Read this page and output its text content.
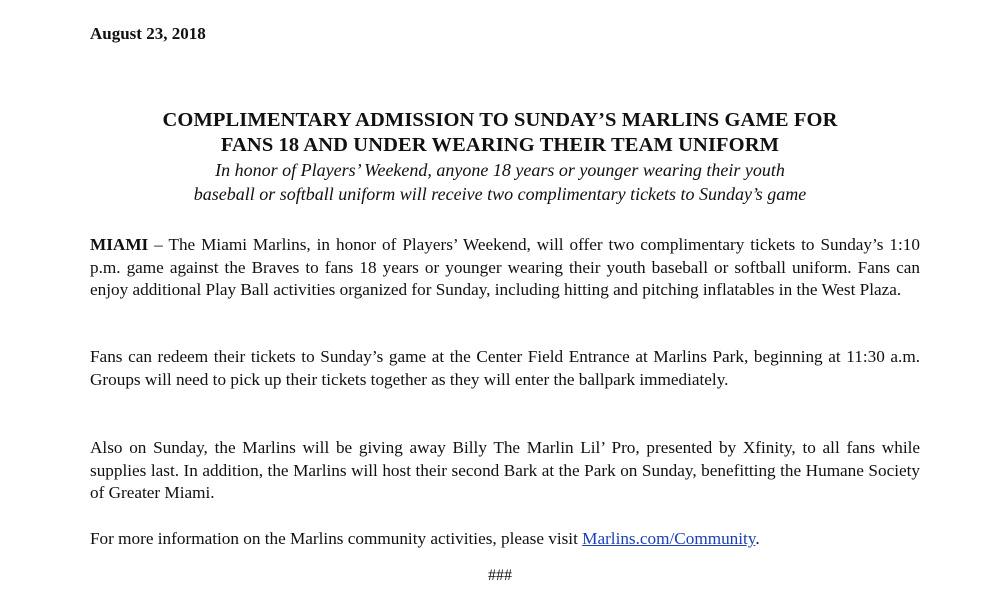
August 23, 2018
COMPLIMENTARY ADMISSION TO SUNDAY’S MARLINS GAME FOR
FANS 18 AND UNDER WEARING THEIR TEAM UNIFORM
In honor of Players’ Weekend, anyone 18 years or younger wearing their youth
baseball or softball uniform will receive two complimentary tickets to Sunday’s game
MIAMI – The Miami Marlins, in honor of Players’ Weekend, will offer two complimentary tickets to Sunday’s 1:10 p.m. game against the Braves to fans 18 years or younger wearing their youth baseball or softball uniform. Fans can enjoy additional Play Ball activities organized for Sunday, including hitting and pitching inflatables in the West Plaza.
Fans can redeem their tickets to Sunday’s game at the Center Field Entrance at Marlins Park, beginning at 11:30 a.m. Groups will need to pick up their tickets together as they will enter the ballpark immediately.
Also on Sunday, the Marlins will be giving away Billy The Marlin Lil’ Pro, presented by Xfinity, to all fans while supplies last. In addition, the Marlins will host their second Bark at the Park on Sunday, benefitting the Humane Society of Greater Miami.
For more information on the Marlins community activities, please visit Marlins.com/Community.
###
